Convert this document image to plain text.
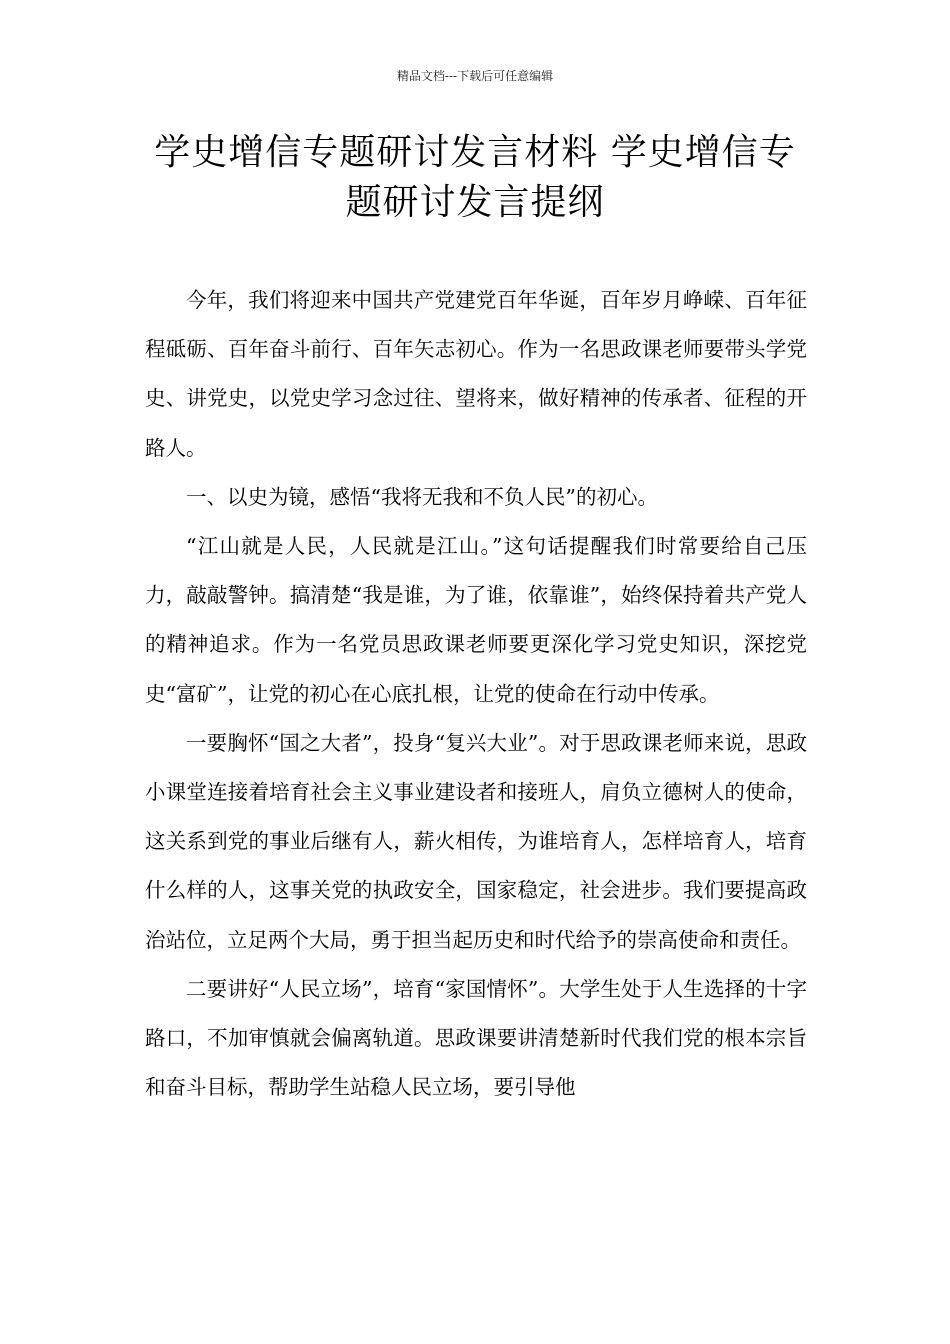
精品文档---下载后可任意编辑
学史增信专题研讨发言材料 学史增信专题研讨发言提纲

今年，我们将迎来中国共产党建党百年华诞，百年岁月峥嵘、百年征程砥砺、百年奋斗前行、百年矢志初心。作为一名思政课老师要带头学党史、讲党史，以党史学习念过往、望将来，做好精神的传承者、征程的开路人。

一、以史为镜，感悟“我将无我和不负人民”的初心。

“江山就是人民，人民就是江山。”这句话提醒我们时常要给自己压力，敲敲警钟。搞清楚“我是谁，为了谁，依靠谁”，始终保持着共产党人的精神追求。作为一名党员思政课老师要更深化学习党史知识，深挖党史“富矿”，让党的初心在心底扎根，让党的使命在行动中传承。

一要胸怀“国之大者”，投身“复兴大业”。对于思政课老师来说，思政小课堂连接着培育社会主义事业建设者和接班人，肩负立德树人的使命，这关系到党的事业后继有人，薪火相传，为谁培育人，怎样培育人，培育什么样的人，这事关党的执政安全，国家稳定，社会进步。我们要提高政治站位，立足两个大局，勇于担当起历史和时代给予的崇高使命和责任。

二要讲好“人民立场”，培育“家国情怀”。大学生处于人生选择的十字路口，不加审慎就会偏离轨道。思政课要讲清楚新时代我们党的根本宗旨和奋斗目标，帮助学生站稳人民立场，要引导他
